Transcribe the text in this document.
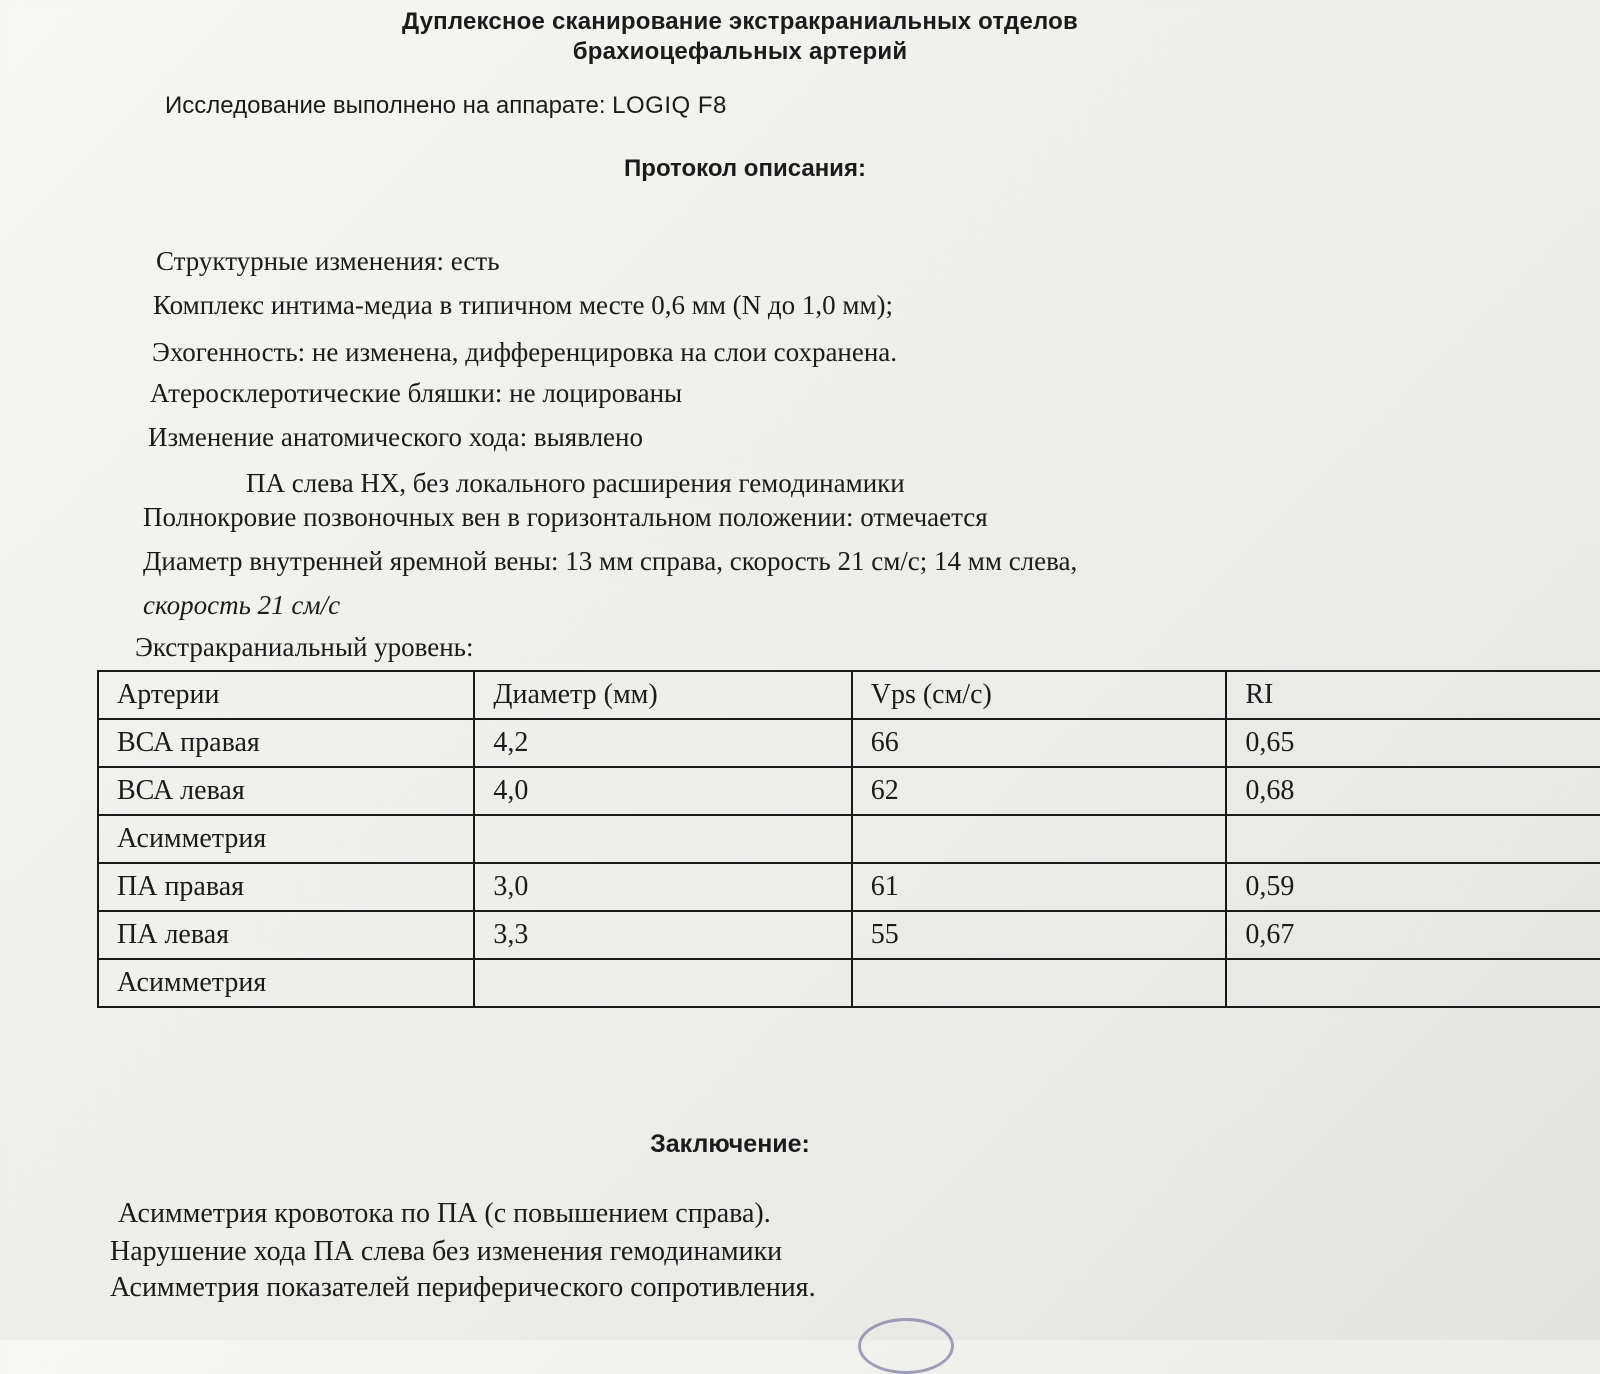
Дуплексное сканирование экстракраниальных отделов
брахиоцефальных артерий
Исследование выполнено на аппарате: LOGIQ F8
Протокол описания:
Структурные изменения: есть
Комплекс интима-медиа в типичном месте 0,6 мм (N до 1,0 мм);
Эхогенность: не изменена, дифференцировка на слои сохранена.
Атеросклеротические бляшки: не лоцированы
Изменение анатомического хода: выявлено
ПА слева НХ, без локального расширения гемодинамики
Полнокровие позвоночных вен в горизонтальном положении: отмечается
Диаметр внутренней яремной вены: 13 мм справа, скорость 21 см/с; 14 мм слева,
скорость 21 см/с
Экстракраниальный уровень:
Артерии	Диаметр (мм)	Vps (см/с)	RI
ВСА правая	4,2	66	0,65
ВСА левая	4,0	62	0,68
Асимметрия			
ПА правая	3,0	61	0,59
ПА левая	3,3	55	0,67
Асимметрия			
Заключение:
Асимметрия кровотока по ПА (с повышением справа).
Нарушение хода ПА слева без изменения гемодинамики
Асимметрия показателей периферического сопротивления.
